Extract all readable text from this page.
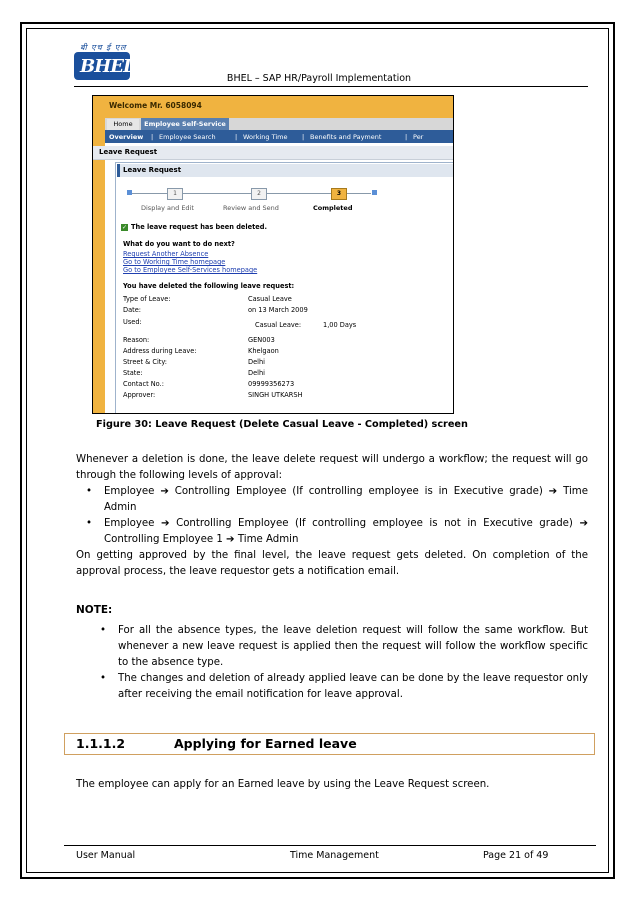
बी एच ई एल
BHEL
BHEL – SAP HR/Payroll Implementation
Welcome Mr. 6058094
Home	Employee Self-Service
Overview | Employee Search	| Working Time | Benefits and Payment	| Per
Leave Request
Leave Request
1	2	3
Display and Edit	Review and Send	Completed
✓ The leave request has been deleted.
What do you want to do next?
Request Another Absence
Go to Working Time homepage
Go to Employee Self-Services homepage
You have deleted the following leave request:
Type of Leave:	Casual Leave
Date:	on 13 March 2009
Used:	Casual Leave:	1,00 Days
Reason:	GEN003
Address during Leave:	Khelgaon
Street & City:	Delhi
State:	Delhi
Contact No.:	09999356273
Approver:	SINGH UTKARSH
Figure 30: Leave Request (Delete Casual Leave - Completed) screen
Whenever a deletion is done, the leave delete request will undergo a workflow; the request will go through the following levels of approval:
• Employee ➔ Controlling Employee (If controlling employee is in Executive grade) ➔ Time Admin
• Employee ➔ Controlling Employee (If controlling employee is not in Executive grade) ➔ Controlling Employee 1 ➔ Time Admin
On getting approved by the final level, the leave request gets deleted. On completion of the approval process, the leave requestor gets a notification email.
NOTE:
• For all the absence types, the leave deletion request will follow the same workflow. But whenever a new leave request is applied then the request will follow the workflow specific to the absence type.
• The changes and deletion of already applied leave can be done by the leave requestor only after receiving the email notification for leave approval.
1.1.1.2	Applying for Earned leave
The employee can apply for an Earned leave by using the Leave Request screen.
User Manual	Time Management	Page 21 of 49
